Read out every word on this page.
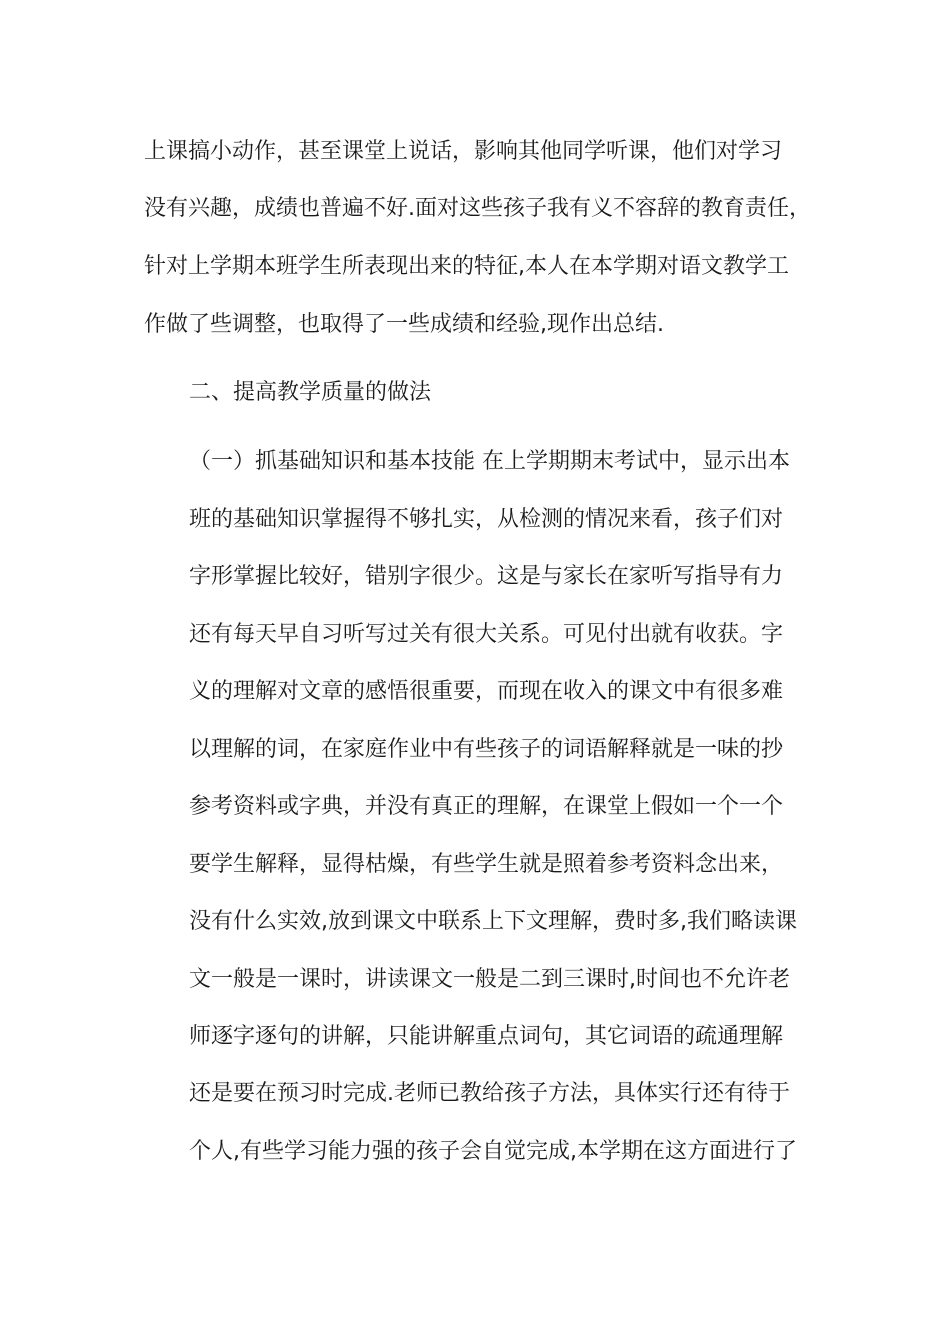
上课搞小动作，甚至课堂上说话，影响其他同学听课，他们对学习
没有兴趣，成绩也普遍不好.面对这些孩子我有义不容辞的教育责任，
针对上学期本班学生所表现出来的特征,本人在本学期对语文教学工
作做了些调整，也取得了一些成绩和经验,现作出总结.
二、提高教学质量的做法
（一）抓基础知识和基本技能 在上学期期末考试中，显示出本
班的基础知识掌握得不够扎实，从检测的情况来看，孩子们对
字形掌握比较好，错别字很少。这是与家长在家听写指导有力
还有每天早自习听写过关有很大关系。可见付出就有收获。字
义的理解对文章的感悟很重要，而现在收入的课文中有很多难
以理解的词，在家庭作业中有些孩子的词语解释就是一味的抄
参考资料或字典，并没有真正的理解，在课堂上假如一个一个
要学生解释，显得枯燥，有些学生就是照着参考资料念出来，
没有什么实效,放到课文中联系上下文理解，费时多,我们略读课
文一般是一课时，讲读课文一般是二到三课时,时间也不允许老
师逐字逐句的讲解，只能讲解重点词句，其它词语的疏通理解
还是要在预习时完成.老师已教给孩子方法，具体实行还有待于
个人,有些学习能力强的孩子会自觉完成,本学期在这方面进行了
